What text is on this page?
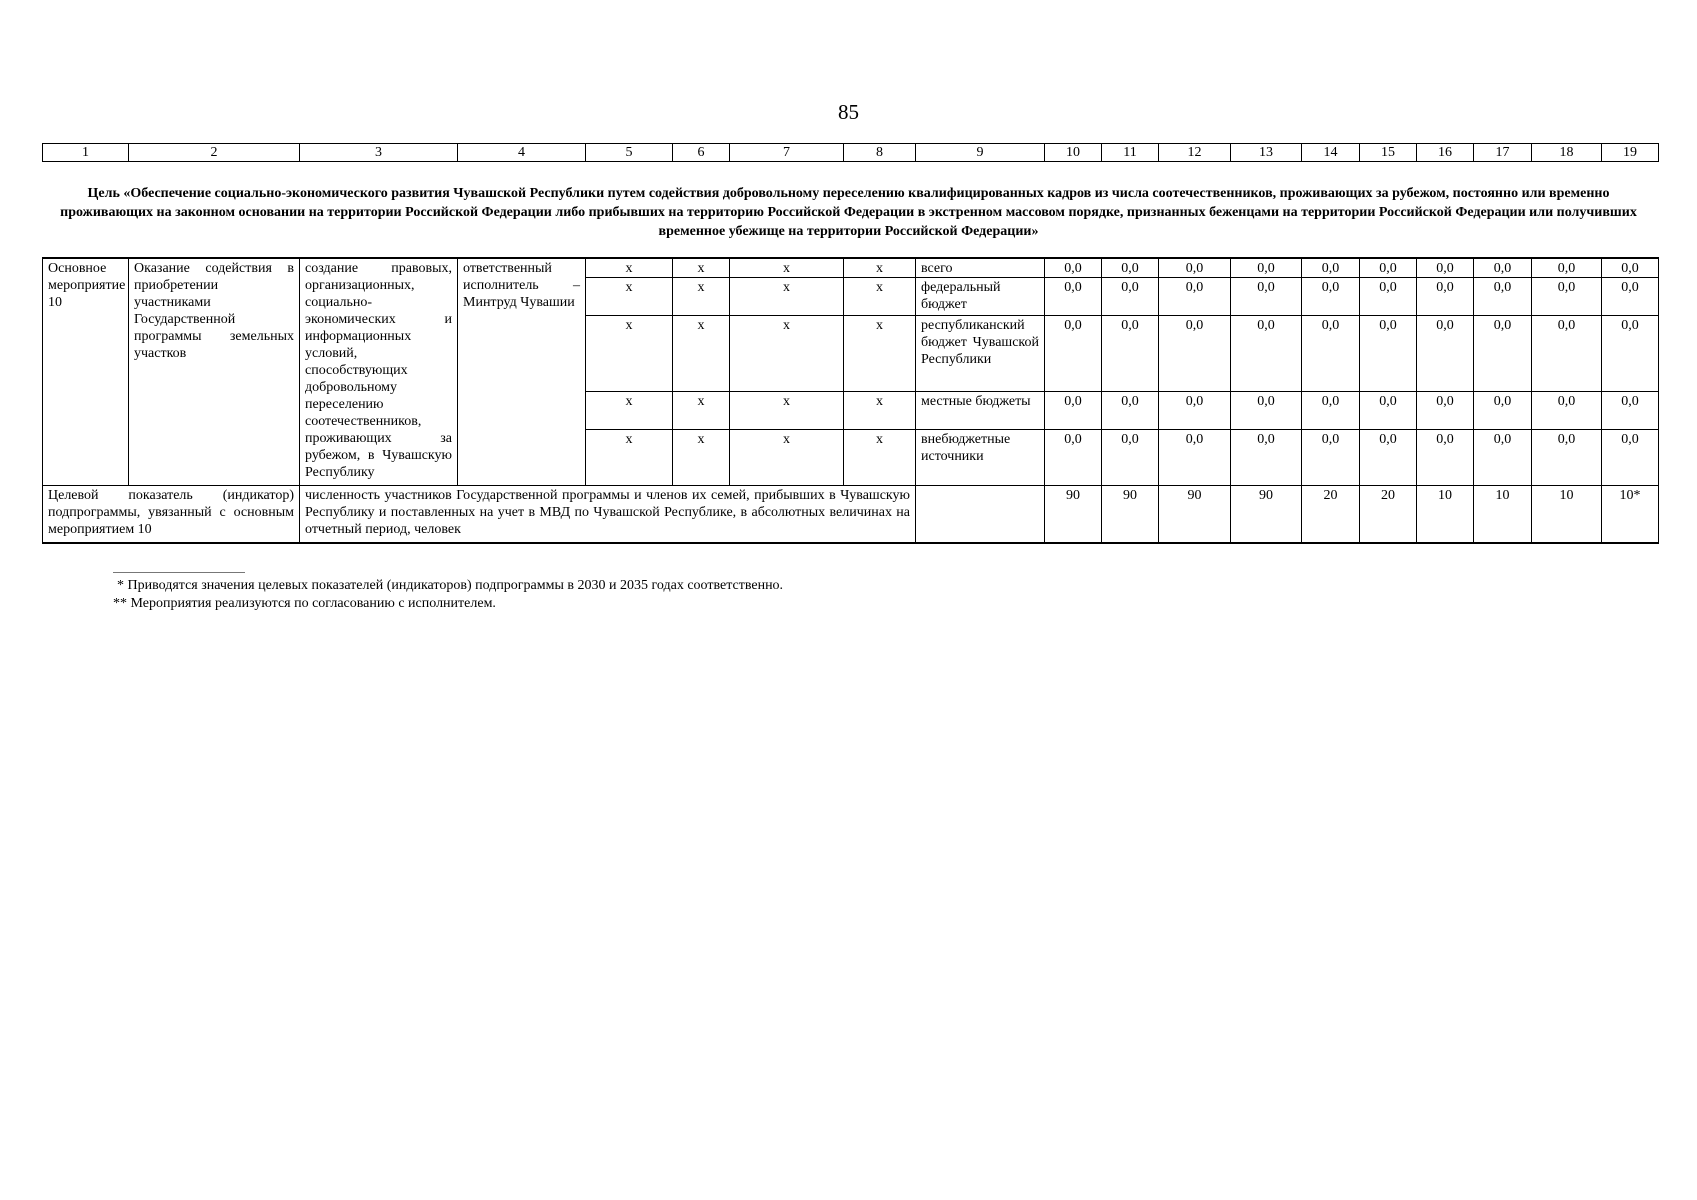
85
1	2	3	4	5	6	7	8	9	10	11	12	13	14	15	16	17	18	19
Цель «Обеспечение социально-экономического развития Чувашской Республики путем содействия добровольному переселению квалифицированных кадров из числа соотечественников, проживающих за рубежом, постоянно или временно проживающих на законном основании на территории Российской Федерации либо прибывших на территорию Российской Федерации в экстренном массовом порядке, признанных беженцами на территории Российской Федерации или получивших временное убежище на территории Российской Федерации»
Основное мероприятие 10	Оказание содействия в приобретении участниками Государственной программы земельных участков	создание правовых, организационных, социально-экономических и информационных условий, способствующих добровольному переселению соотечественников, проживающих за рубежом, в Чувашскую Республику	ответственный исполнитель – Минтруд Чувашии	х	х	х	х	всего	0,0	0,0	0,0	0,0	0,0	0,0	0,0	0,0	0,0	0,0
				х	х	х	х	федеральный бюджет	0,0	0,0	0,0	0,0	0,0	0,0	0,0	0,0	0,0	0,0
				х	х	х	х	республиканский бюджет Чувашской Республики	0,0	0,0	0,0	0,0	0,0	0,0	0,0	0,0	0,0	0,0
				х	х	х	х	местные бюджеты	0,0	0,0	0,0	0,0	0,0	0,0	0,0	0,0	0,0	0,0
				х	х	х	х	внебюджетные источники	0,0	0,0	0,0	0,0	0,0	0,0	0,0	0,0	0,0	0,0
Целевой показатель (индикатор) подпрограммы, увязанный с основным мероприятием 10		численность участников Государственной программы и членов их семей, прибывших в Чувашскую Республику и поставленных на учет в МВД по Чувашской Республике, в абсолютных величинах на отчетный период, человек							90	90	90	90	20	20	10	10	10	10*
* Приводятся значения целевых показателей (индикаторов) подпрограммы в 2030 и 2035 годах соответственно.
** Мероприятия реализуются по согласованию с исполнителем.
